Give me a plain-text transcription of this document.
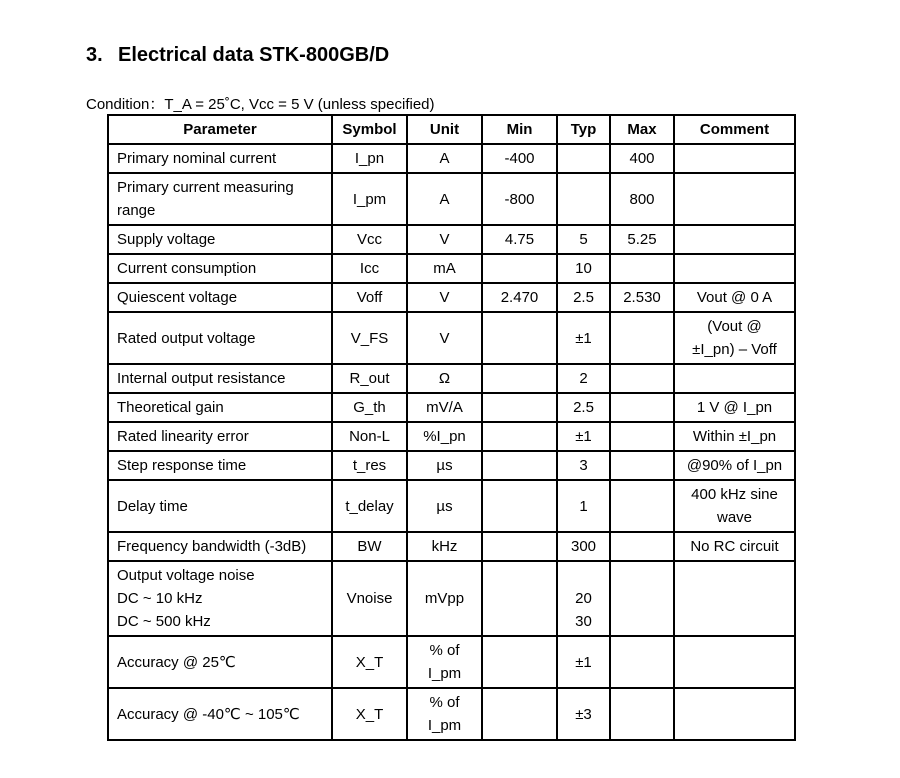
3. Electrical data STK-800GB/D
Condition：T_A = 25˚C, Vcc = 5 V (unless specified)
Parameter	Symbol	Unit	Min	Typ	Max	Comment

Primary nominal current	I_pn	A	-400		400	

Primary current measuring
range	I_pm	A	-800		800	

Supply voltage	Vcc	V	4.75	5	5.25	

Current consumption	Icc	mA		10

Quiescent voltage	Voff	V	2.470	2.5	2.530	Vout @ 0 A

Rated output voltage	V_FS	V		±1		(Vout @
±I_pn) – Voff

Internal output resistance	R_out	Ω		2

Theoretical gain	G_th	mV/A		2.5		1 V @ I_pn

Rated linearity error	Non-L	%I_pn		±1		Within ±I_pn

Step response time	t_res	µs		3		@90% of I_pn

Delay time	t_delay	µs		1		400 kHz sine
wave

Frequency bandwidth (-3dB)	BW	kHz		300		No RC circuit

Output voltage noise
DC ~ 10 kHz
DC ~ 500 kHz	Vnoise	mVpp		20
30

Accuracy @ 25℃	X_T	% of
I_pm		±1

Accuracy @ -40℃ ~ 105℃	X_T	% of
I_pm		±3
